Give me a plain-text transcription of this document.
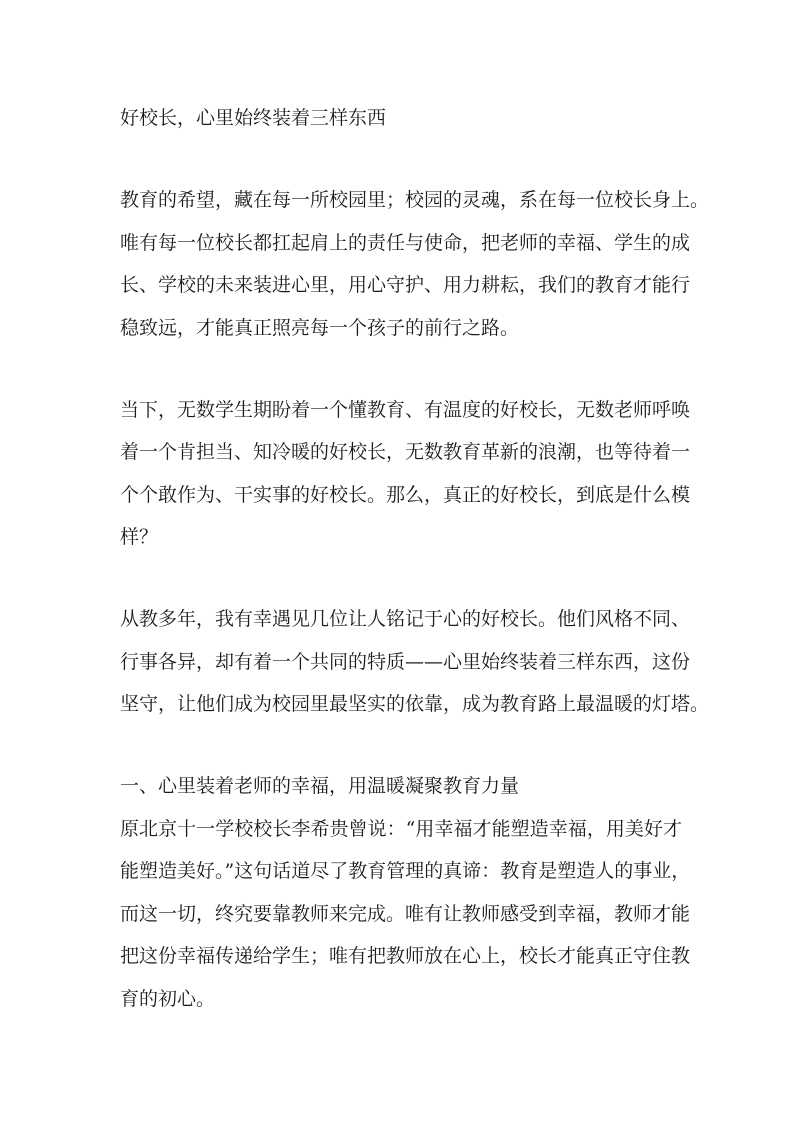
好校长，心里始终装着三样东西
教育的希望，藏在每一所校园里；校园的灵魂，系在每一位校长身上。
唯有每一位校长都扛起肩上的责任与使命，把老师的幸福、学生的成
长、学校的未来装进心里，用心守护、用力耕耘，我们的教育才能行
稳致远，才能真正照亮每一个孩子的前行之路。
当下，无数学生期盼着一个懂教育、有温度的好校长，无数老师呼唤
着一个肯担当、知冷暖的好校长，无数教育革新的浪潮，也等待着一
个个敢作为、干实事的好校长。那么，真正的好校长，到底是什么模
样？
从教多年，我有幸遇见几位让人铭记于心的好校长。他们风格不同、
行事各异，却有着一个共同的特质——心里始终装着三样东西，这份
坚守，让他们成为校园里最坚实的依靠，成为教育路上最温暖的灯塔。
一、心里装着老师的幸福，用温暖凝聚教育力量
原北京十一学校校长李希贵曾说：“用幸福才能塑造幸福，用美好才
能塑造美好。”这句话道尽了教育管理的真谛：教育是塑造人的事业，
而这一切，终究要靠教师来完成。唯有让教师感受到幸福，教师才能
把这份幸福传递给学生；唯有把教师放在心上，校长才能真正守住教
育的初心。
